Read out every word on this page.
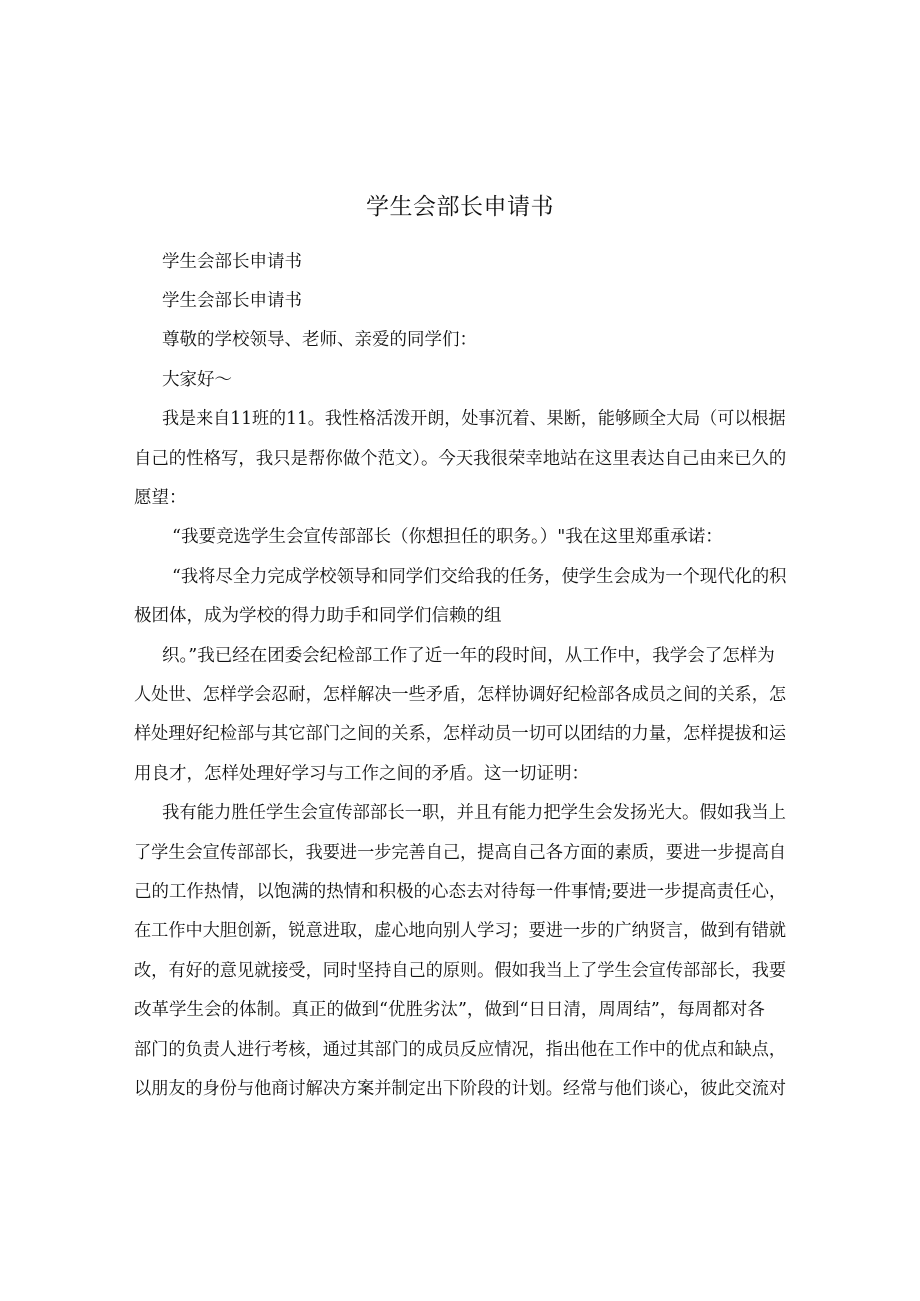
学生会部长申请书

学生会部长申请书

学生会部长申请书

尊敬的学校领导、老师、亲爱的同学们：

大家好～

我是来自11班的11。我性格活泼开朗，处事沉着、果断，能够顾全大局（可以根据

自己的性格写，我只是帮你做个范文）。今天我很荣幸地站在这里表达自己由来已久的

愿望：

“我要竞选学生会宣传部部长（你想担任的职务。）"我在这里郑重承诺：

“我将尽全力完成学校领导和同学们交给我的任务，使学生会成为一个现代化的积

极团体，成为学校的得力助手和同学们信赖的组

织。”我已经在团委会纪检部工作了近一年的段时间，从工作中，我学会了怎样为

人处世、怎样学会忍耐，怎样解决一些矛盾，怎样协调好纪检部各成员之间的关系，怎

样处理好纪检部与其它部门之间的关系，怎样动员一切可以团结的力量，怎样提拔和运

用良才，怎样处理好学习与工作之间的矛盾。这一切证明：

我有能力胜任学生会宣传部部长一职，并且有能力把学生会发扬光大。假如我当上

了学生会宣传部部长，我要进一步完善自己，提高自己各方面的素质，要进一步提高自

己的工作热情，以饱满的热情和积极的心态去对待每一件事情;要进一步提高责任心，

在工作中大胆创新，锐意进取，虚心地向别人学习；要进一步的广纳贤言，做到有错就

改，有好的意见就接受，同时坚持自己的原则。假如我当上了学生会宣传部部长，我要

改革学生会的体制。真正的做到“优胜劣汰”，做到“日日清，周周结”，每周都对各

部门的负责人进行考核，通过其部门的成员反应情况，指出他在工作中的优点和缺点，

以朋友的身份与他商讨解决方案并制定出下阶段的计划。经常与他们谈心，彼此交流对
